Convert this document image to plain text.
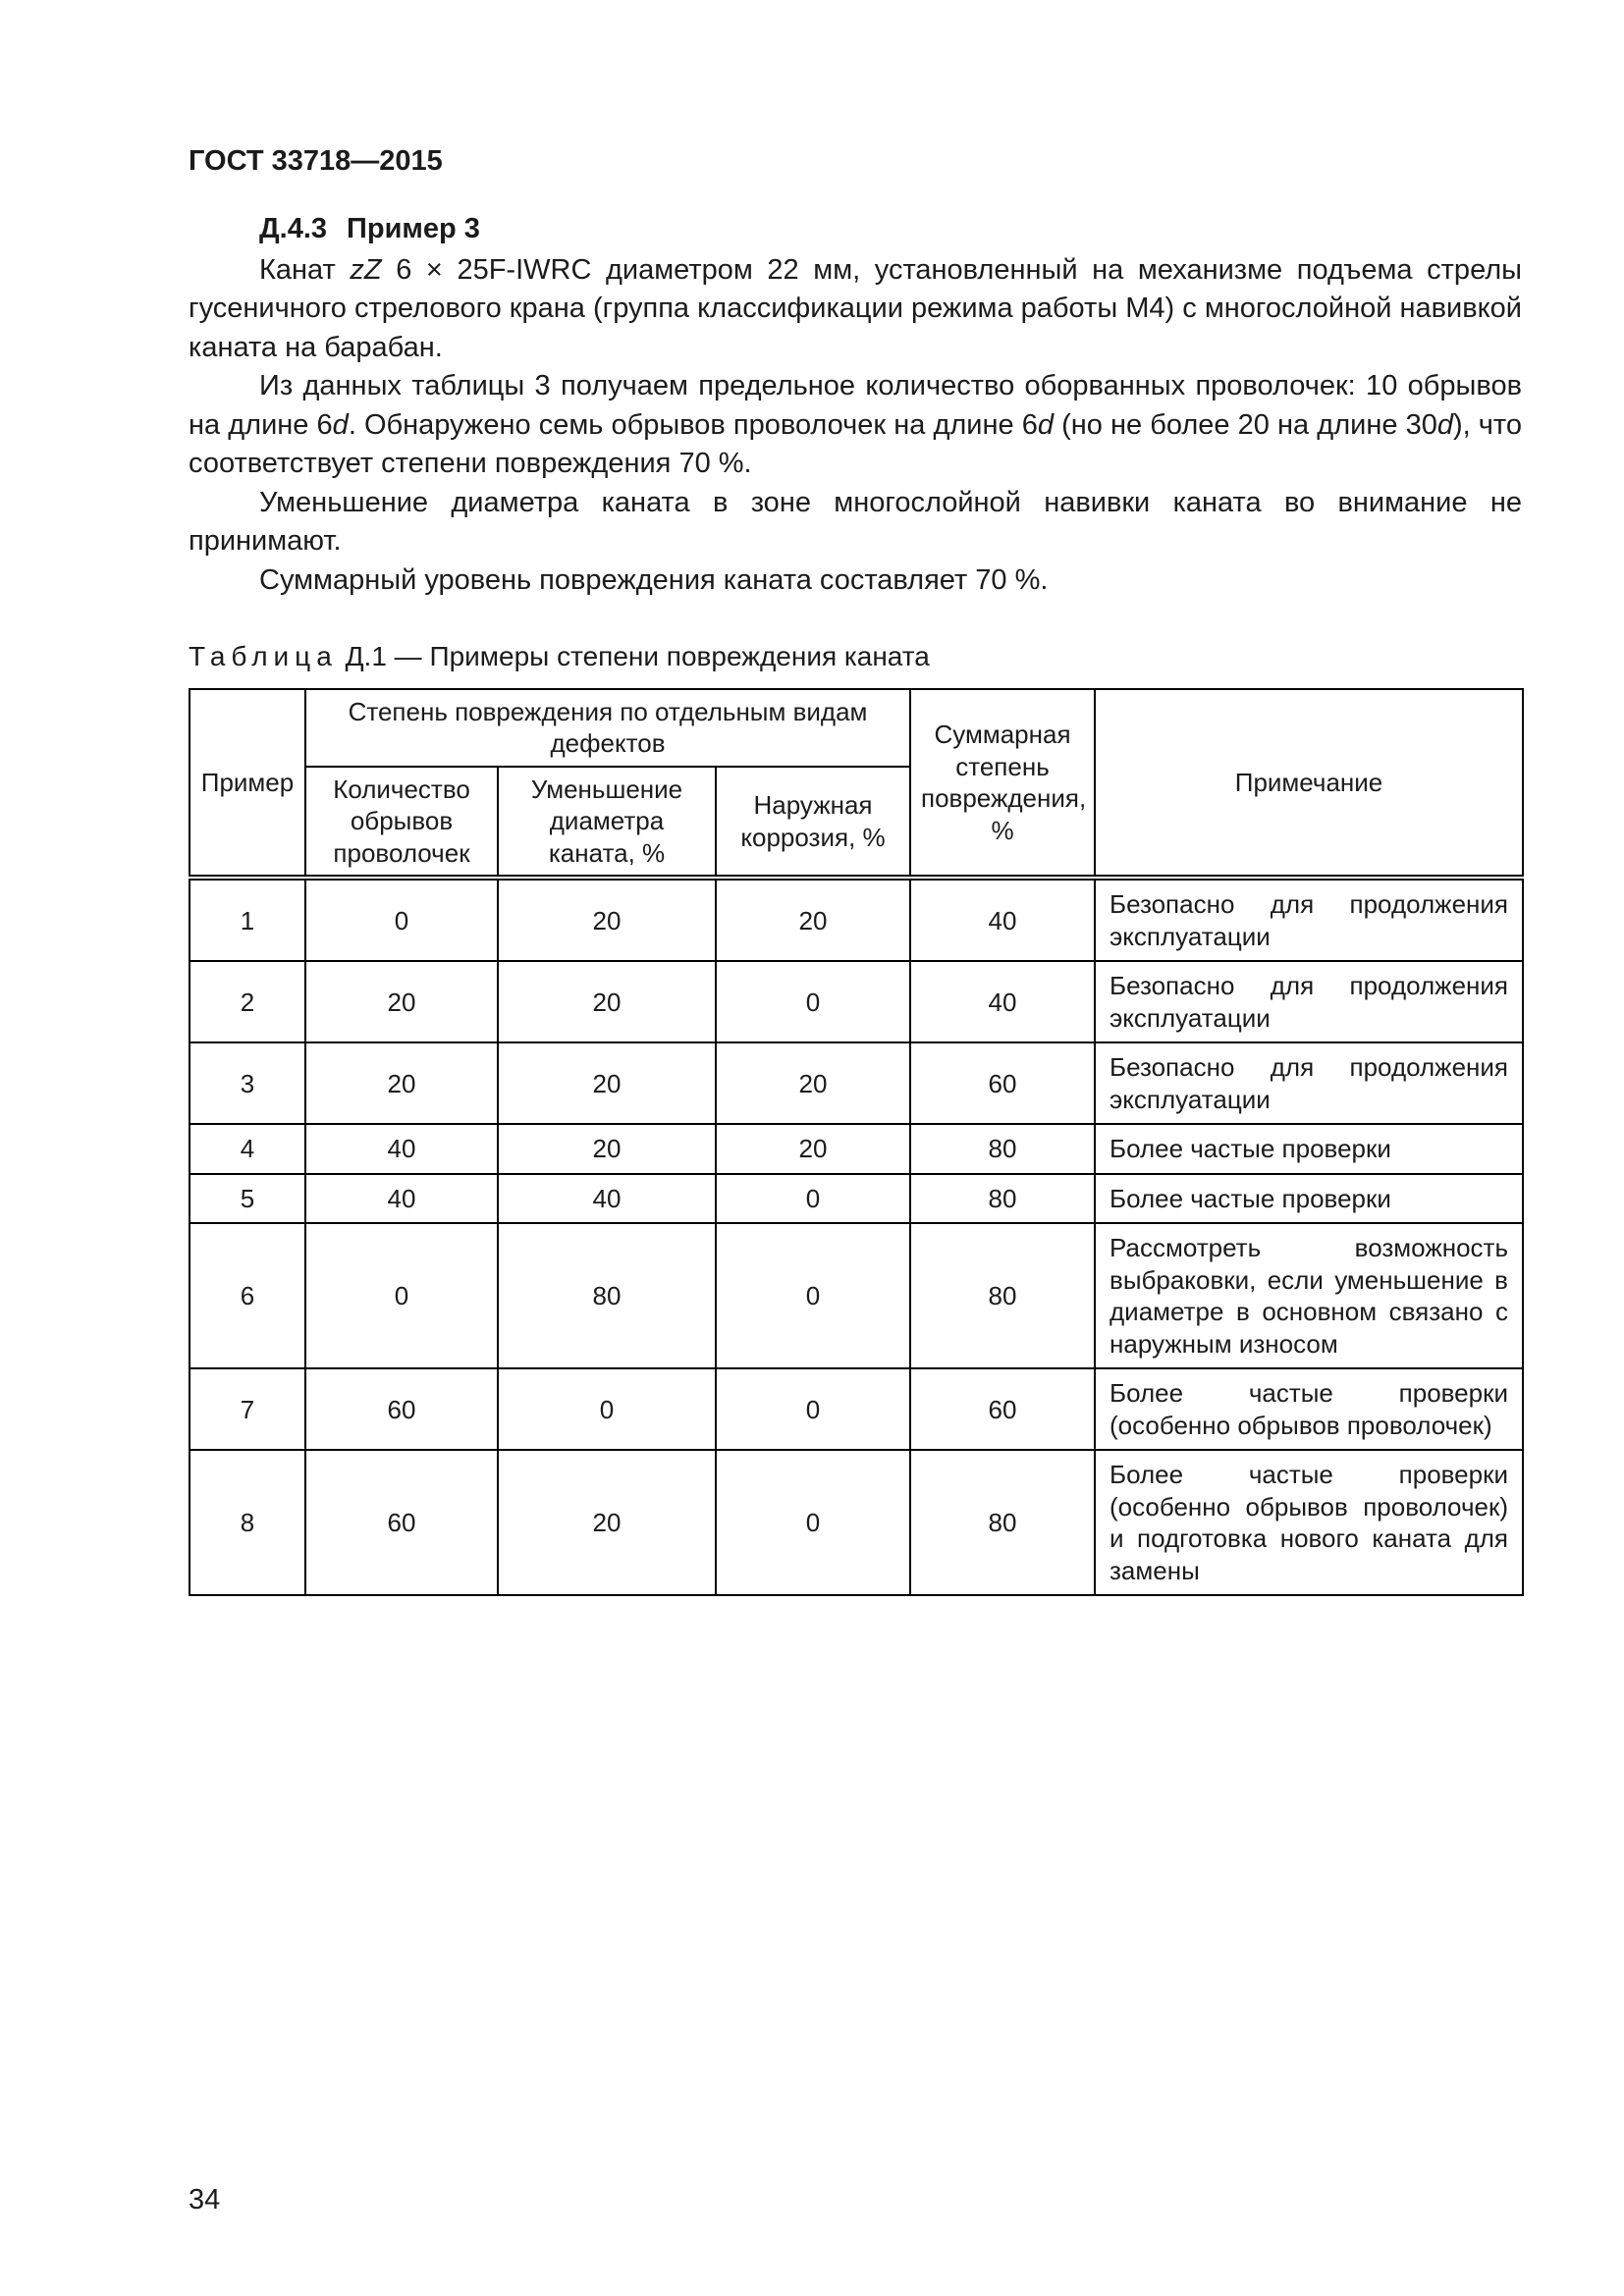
ГОСТ 33718—2015

Д.4.3 Пример 3

Канат zZ 6 × 25F-IWRC диаметром 22 мм, установленный на механизме подъема стрелы гусеничного стрелового крана (группа классификации режима работы М4) с многослойной навивкой каната на барабан.

Из данных таблицы 3 получаем предельное количество оборванных проволочек: 10 обрывов на длине 6d. Обнаружено семь обрывов проволочек на длине 6d (но не более 20 на длине 30d), что соответствует степени повреждения 70 %.

Уменьшение диаметра каната в зоне многослойной навивки каната во внимание не принимают.

Суммарный уровень повреждения каната составляет 70 %.

Таблица Д.1 — Примеры степени повреждения каната

Пример	Степень повреждения по отдельным видам дефектов			Суммарная степень повреждения, %	Примечание
	Количество обрывов проволочек	Уменьшение диаметра каната, %	Наружная коррозия, %		
1	0	20	20	40	Безопасно для продолжения эксплуатации
2	20	20	0	40	Безопасно для продолжения эксплуатации
3	20	20	20	60	Безопасно для продолжения эксплуатации
4	40	20	20	80	Более частые проверки
5	40	40	0	80	Более частые проверки
6	0	80	0	80	Рассмотреть возможность выбраковки, если уменьшение в диаметре в основном связано с наружным износом
7	60	0	0	60	Более частые проверки (особенно обрывов проволочек)
8	60	20	0	80	Более частые проверки (особенно обрывов проволочек) и подготовка нового каната для замены
34
